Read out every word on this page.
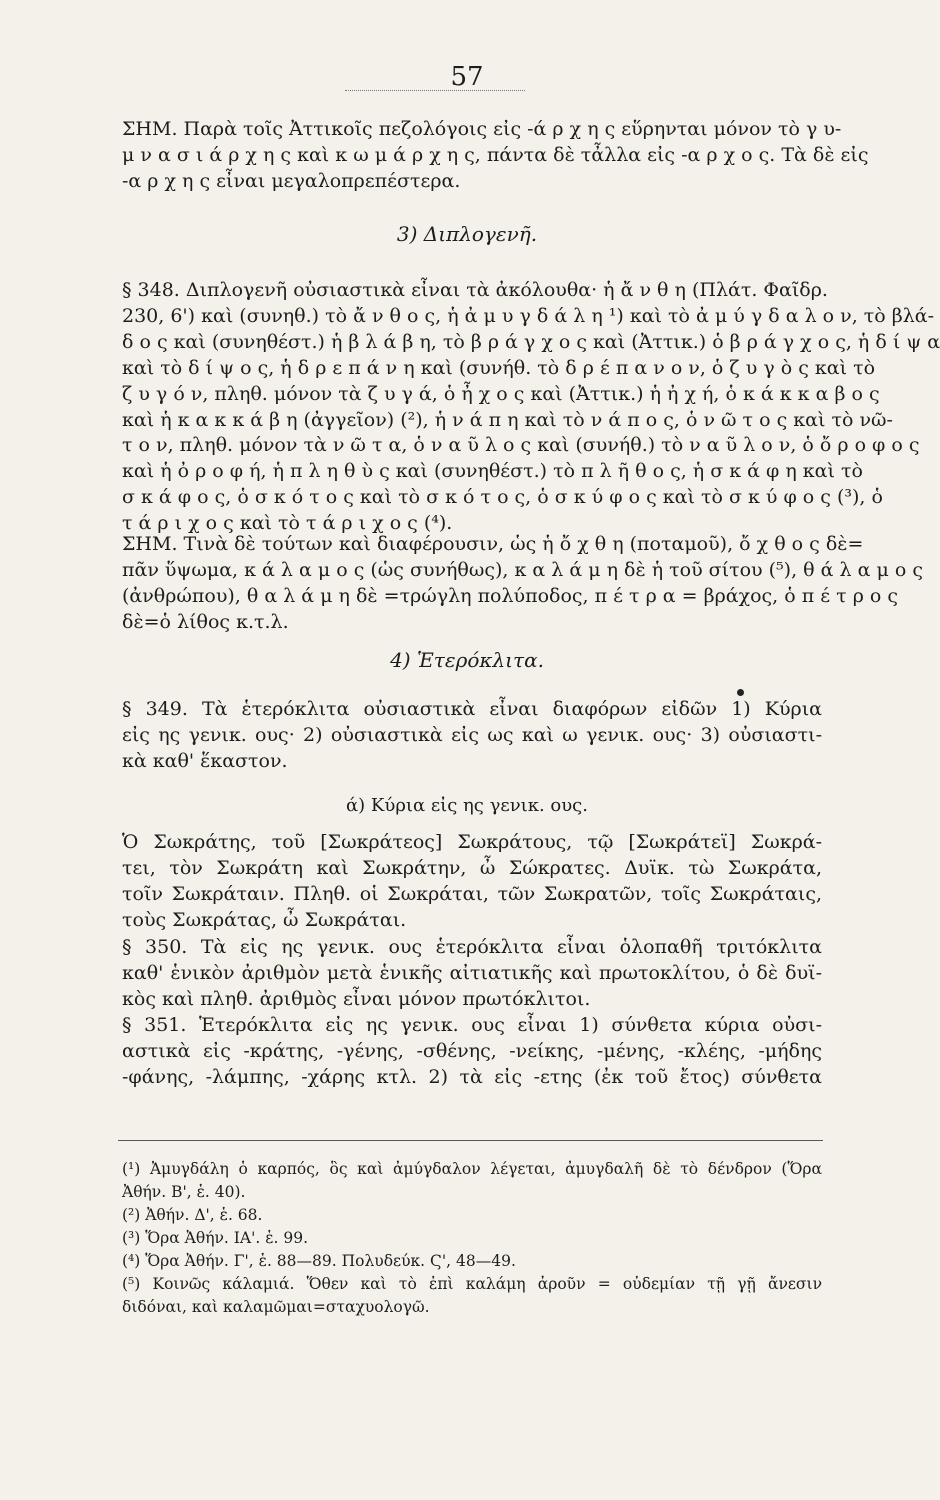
57
ΣΗΜ. Παρὰ τοῖς Ἀττικοῖς πεζολόγοις εἰς -ά ρ χ η ς εὕρηνται μόνον τὸ γ υ-
μ ν α σ ι ά ρ χ η ς καὶ κ ω μ ά ρ χ η ς, πάντα δὲ τἆλλα εἰς -α ρ χ ο ς. Τὰ δὲ εἰς
-α ρ χ η ς εἶναι μεγαλοπρεπέστερα.
3) Διπλογενῆ.
§ 348. Διπλογενῆ οὐσιαστικὰ εἶναι τὰ ἀκόλουθα· ἡ ἄ ν θ η (Πλάτ. Φαῖδρ.
230, 6') καὶ (συνηθ.) τὸ ἄ ν θ ο ς, ἡ ἀ μ υ γ δ ά λ η ¹) καὶ τὸ ἀ μ ύ γ δ α λ ο ν, τὸ βλά-
δ ο ς καὶ (συνηθέστ.) ἡ β λ ά β η, τὸ β ρ ά γ χ ο ς καὶ (Ἀττικ.) ὁ β ρ ά γ χ ο ς, ἡ δ ί ψ α
καὶ τὸ δ ί ψ ο ς, ἡ δ ρ ε π ά ν η καὶ (συνήθ. τὸ δ ρ έ π α ν ο ν, ὁ ζ υ γ ὸ ς καὶ τὸ
ζ υ γ ό ν, πληθ. μόνον τὰ ζ υ γ ά, ὁ ἦ χ ο ς καὶ (Ἀττικ.) ἡ ἠ χ ή, ὁ κ ά κ κ α β ο ς
καὶ ἡ κ α κ κ ά β η (ἀγγεῖον) (²), ἡ ν ά π η καὶ τὸ ν ά π ο ς, ὁ ν ῶ τ ο ς καὶ τὸ νῶ-
τ ο ν, πληθ. μόνον τὰ ν ῶ τ α, ὁ ν α ῦ λ ο ς καὶ (συνήθ.) τὸ ν α ῦ λ ο ν, ὁ ὄ ρ ο φ ο ς
καὶ ἡ ὀ ρ ο φ ή, ἡ π λ η θ ὺ ς καὶ (συνηθέστ.) τὸ π λ ῆ θ ο ς, ἡ σ κ ά φ η καὶ τὸ
σ κ ά φ ο ς, ὁ σ κ ό τ ο ς καὶ τὸ σ κ ό τ ο ς, ὁ σ κ ύ φ ο ς καὶ τὸ σ κ ύ φ ο ς (³), ὁ
τ ά ρ ι χ ο ς καὶ τὸ τ ά ρ ι χ ο ς (⁴).
ΣΗΜ. Τινὰ δὲ τούτων καὶ διαφέρουσιν, ὡς ἡ ὄ χ θ η (ποταμοῦ), ὄ χ θ ο ς δὲ=
πᾶν ὕψωμα, κ ά λ α μ ο ς (ὡς συνήθως), κ α λ ά μ η δὲ ἡ τοῦ σίτου (⁵), θ ά λ α μ ο ς
(ἀνθρώπου), θ α λ ά μ η δὲ =τρώγλη πολύποδος, π έ τ ρ α = βράχος, ὁ π έ τ ρ ο ς
δὲ=ὁ λίθος κ.τ.λ.
4) Ἑτερόκλιτα.
§ 349. Τὰ ἑτερόκλιτα οὐσιαστικὰ εἶναι διαφόρων εἰδῶν 1) Κύρια
εἰς ης γενικ. ους· 2) οὐσιαστικὰ εἰς ως καὶ ω γενικ. ους· 3) οὐσιαστι-
κὰ καθ' ἕκαστον.
ά) Κύρια εἰς ης γενικ. ους.
Ὁ Σωκράτης, τοῦ [Σωκράτεος] Σωκράτους, τῷ [Σωκράτεϊ] Σωκρά-
τει, τὸν Σωκράτη καὶ Σωκράτην, ὦ Σώκρατες. Δυϊκ. τὼ Σωκράτα,
τοῖν Σωκράταιν. Πληθ. οἱ Σωκράται, τῶν Σωκρατῶν, τοῖς Σωκράταις,
τοὺς Σωκράτας, ὦ Σωκράται.
§ 350. Τὰ εἰς ης γενικ. ους ἑτερόκλιτα εἶναι ὁλοπαθῆ τριτόκλιτα
καθ' ἑνικὸν ἀριθμὸν μετὰ ἑνικῆς αἰτιατικῆς καὶ πρωτοκλίτου, ὁ δὲ δυϊ-
κὸς καὶ πληθ. ἀριθμὸς εἶναι μόνον πρωτόκλιτοι.
§ 351. Ἑτερόκλιτα εἰς ης γενικ. ους εἶναι 1) σύνθετα κύρια οὐσι-
αστικὰ εἰς -κράτης, -γένης, -σθένης, -νείκης, -μένης, -κλέης, -μήδης
-φάνης, -λάμπης, -χάρης κτλ. 2) τὰ εἰς -ετης (ἐκ τοῦ ἔτος) σύνθετα
(¹) Ἀμυγδάλη ὁ καρπός, ὃς καὶ ἀμύγδαλον λέγεται, ἀμυγδαλῆ δὲ τὸ δένδρον (Ὅρα
Ἀθήν. Β', ἑ. 40).
(²) Ἀθήν. Δ', ἑ. 68.
(³) Ὅρα Ἀθήν. ΙΑ'. ἑ. 99.
(⁴) Ὅρα Ἀθήν. Γ', ἑ. 88—89. Πολυδεύκ. Ϛ', 48—49.
(⁵) Κοινῶς κάλαμιά. Ὅθεν καὶ τὸ ἐπὶ καλάμη ἀροῦν = οὐδεμίαν τῇ γῇ ἄνεσιν
διδόναι, καὶ καλαμῶμαι=σταχυολογῶ.
